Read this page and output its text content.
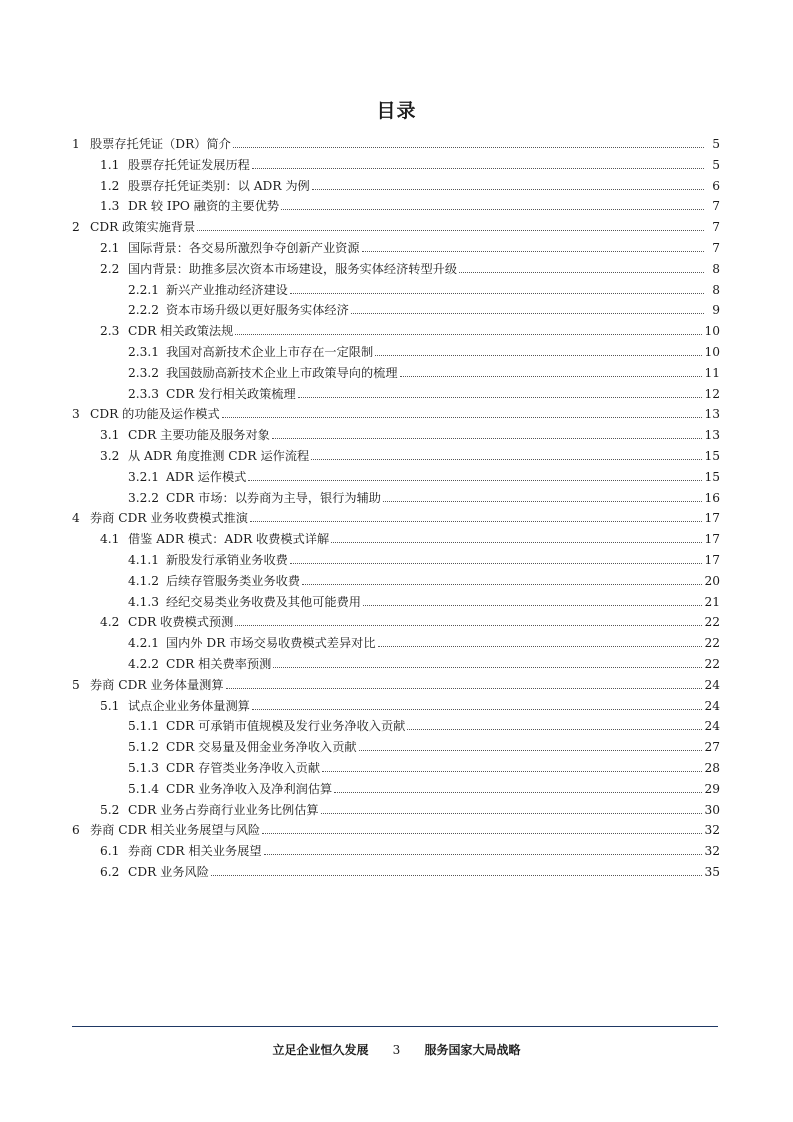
目录
1 股票存托凭证（DR）简介	5
1.1 股票存托凭证发展历程	5
1.2 股票存托凭证类别：以 ADR 为例	6
1.3 DR 较 IPO 融资的主要优势	7
2 CDR 政策实施背景	7
2.1 国际背景：各交易所激烈争夺创新产业资源	7
2.2 国内背景：助推多层次资本市场建设，服务实体经济转型升级	8
2.2.1 新兴产业推动经济建设	8
2.2.2 资本市场升级以更好服务实体经济	9
2.3 CDR 相关政策法规	10
2.3.1 我国对高新技术企业上市存在一定限制	10
2.3.2 我国鼓励高新技术企业上市政策导向的梳理	11
2.3.3 CDR 发行相关政策梳理	12
3 CDR 的功能及运作模式	13
3.1 CDR 主要功能及服务对象	13
3.2 从 ADR 角度推测 CDR 运作流程	15
3.2.1 ADR 运作模式	15
3.2.2 CDR 市场：以券商为主导，银行为辅助	16
4 券商 CDR 业务收费模式推演	17
4.1 借鉴 ADR 模式：ADR 收费模式详解	17
4.1.1 新股发行承销业务收费	17
4.1.2 后续存管服务类业务收费	20
4.1.3 经纪交易类业务收费及其他可能费用	21
4.2 CDR 收费模式预测	22
4.2.1 国内外 DR 市场交易收费模式差异对比	22
4.2.2 CDR 相关费率预测	22
5 券商 CDR 业务体量测算	24
5.1 试点企业业务体量测算	24
5.1.1 CDR 可承销市值规模及发行业务净收入贡献	24
5.1.2 CDR 交易量及佣金业务净收入贡献	27
5.1.3 CDR 存管类业务净收入贡献	28
5.1.4 CDR 业务净收入及净利润估算	29
5.2 CDR 业务占券商行业业务比例估算	30
6 券商 CDR 相关业务展望与风险	32
6.1 券商 CDR 相关业务展望	32
6.2 CDR 业务风险	35
立足企业恒久发展 3 服务国家大局战略
